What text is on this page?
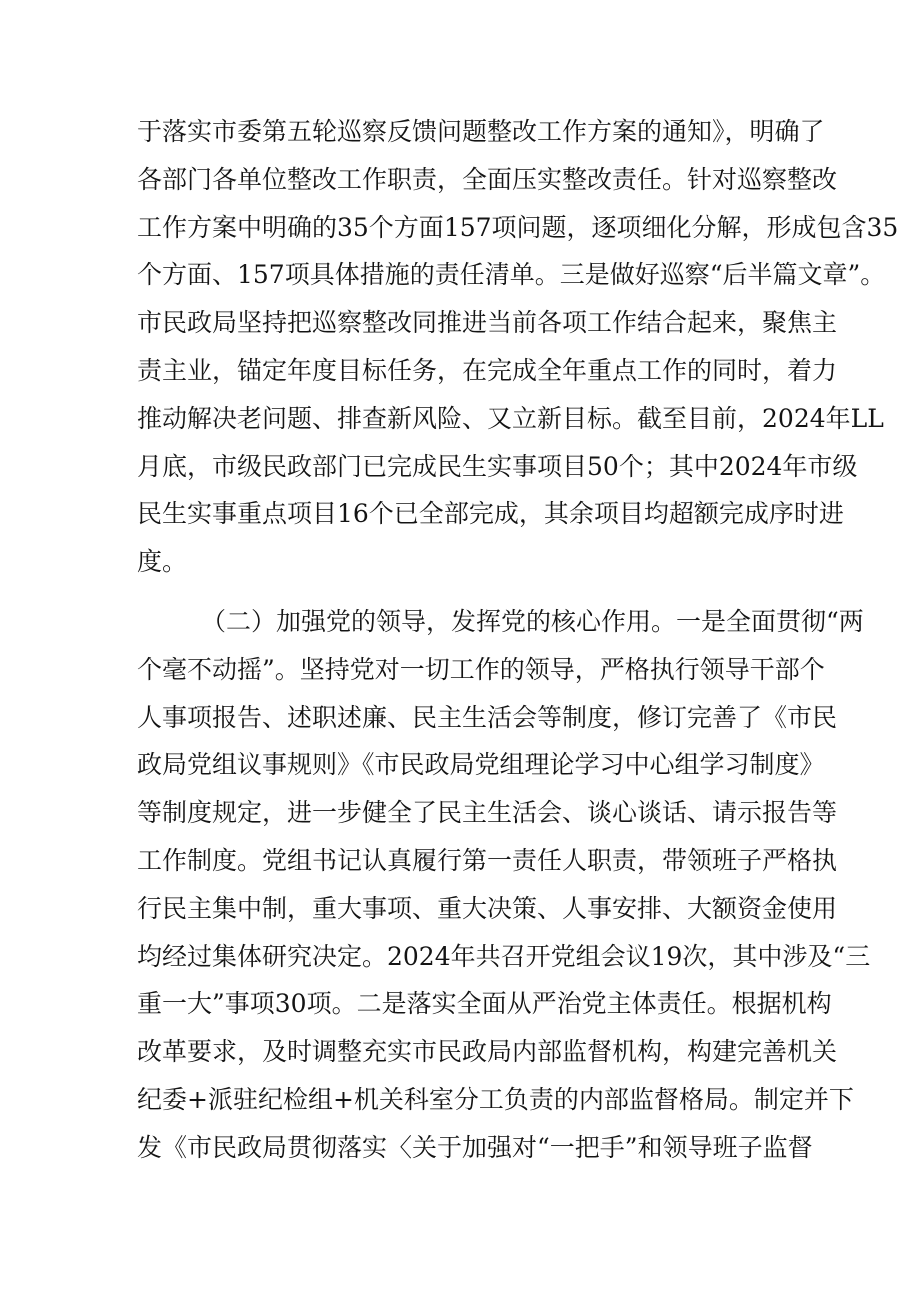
于落实市委第五轮巡察反馈问题整改工作方案的通知》，明确了
各部门各单位整改工作职责，全面压实整改责任。针对巡察整改
工作方案中明确的35个方面157项问题，逐项细化分解，形成包含35
个方面、157项具体措施的责任清单。三是做好巡察“后半篇文章”。
市民政局坚持把巡察整改同推进当前各项工作结合起来，聚焦主
责主业，锚定年度目标任务，在完成全年重点工作的同时，着力
推动解决老问题、排查新风险、又立新目标。截至目前，2024年LL
月底，市级民政部门已完成民生实事项目50个；其中2024年市级
民生实事重点项目16个已全部完成，其余项目均超额完成序时进
度。
（二）加强党的领导，发挥党的核心作用。一是全面贯彻“两
个毫不动摇”。坚持党对一切工作的领导，严格执行领导干部个
人事项报告、述职述廉、民主生活会等制度，修订完善了《市民
政局党组议事规则》《市民政局党组理论学习中心组学习制度》
等制度规定，进一步健全了民主生活会、谈心谈话、请示报告等
工作制度。党组书记认真履行第一责任人职责，带领班子严格执
行民主集中制，重大事项、重大决策、人事安排、大额资金使用
均经过集体研究决定。2024年共召开党组会议19次，其中涉及“三
重一大”事项30项。二是落实全面从严治党主体责任。根据机构
改革要求，及时调整充实市民政局内部监督机构，构建完善机关
纪委+派驻纪检组+机关科室分工负责的内部监督格局。制定并下
发《市民政局贯彻落实〈关于加强对“一把手”和领导班子监督
